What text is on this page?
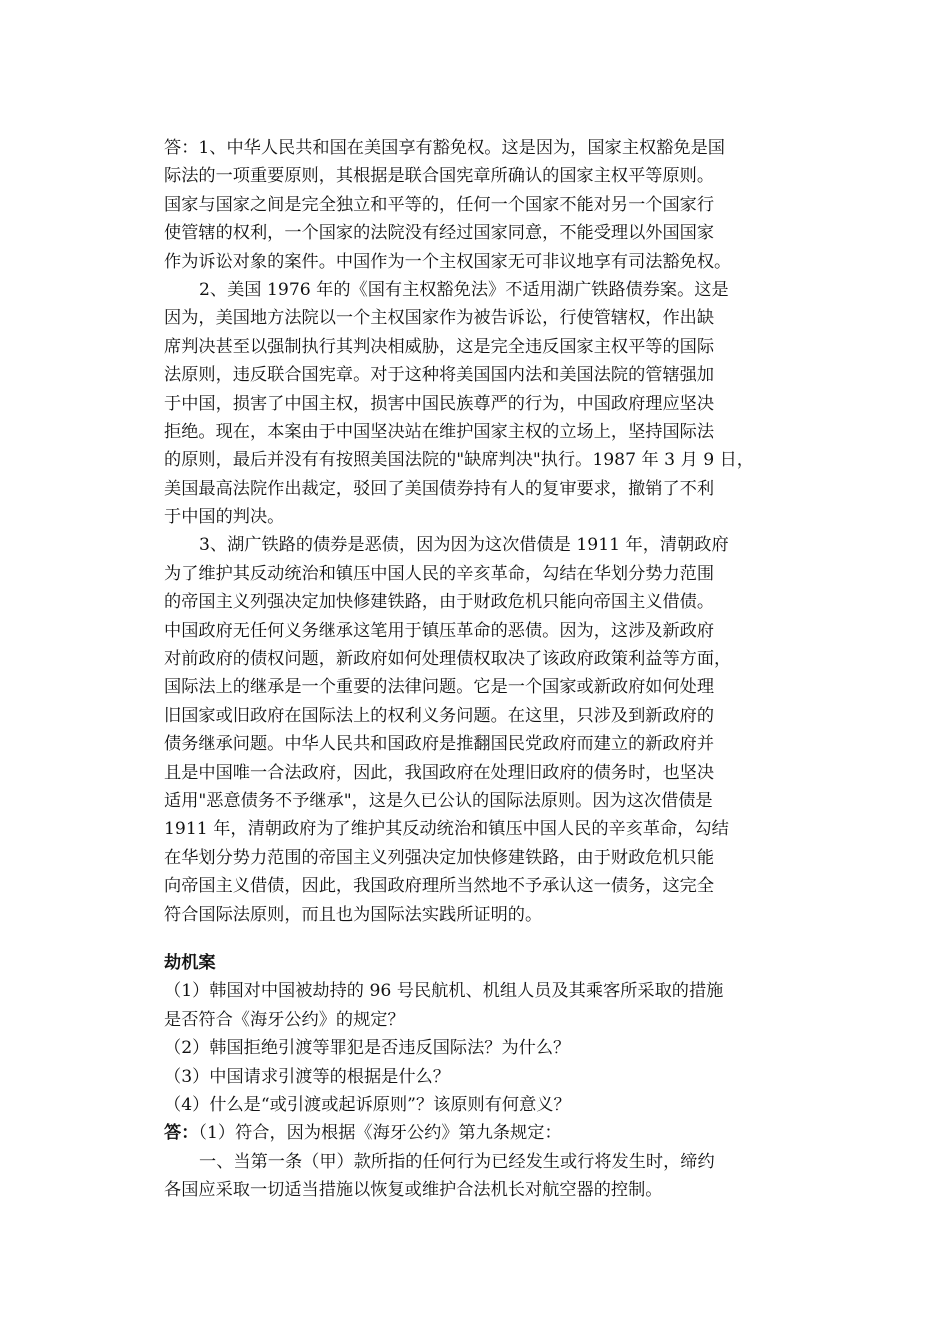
答：1、中华人民共和国在美国享有豁免权。这是因为，国家主权豁免是国
际法的一项重要原则，其根据是联合国宪章所确认的国家主权平等原则。
国家与国家之间是完全独立和平等的，任何一个国家不能对另一个国家行
使管辖的权利，一个国家的法院没有经过国家同意，不能受理以外国国家
作为诉讼对象的案件。中国作为一个主权国家无可非议地享有司法豁免权。
2、美国 1976 年的《国有主权豁免法》不适用湖广铁路债券案。这是
因为，美国地方法院以一个主权国家作为被告诉讼，行使管辖权，作出缺
席判决甚至以强制执行其判决相威胁，这是完全违反国家主权平等的国际
法原则，违反联合国宪章。对于这种将美国国内法和美国法院的管辖强加
于中国，损害了中国主权，损害中国民族尊严的行为，中国政府理应坚决
拒绝。现在，本案由于中国坚决站在维护国家主权的立场上，坚持国际法
的原则，最后并没有有按照美国法院的"缺席判决"执行。1987 年 3 月 9 日，
美国最高法院作出裁定，驳回了美国债券持有人的复审要求，撤销了不利
于中国的判决。
3、湖广铁路的债券是恶债，因为因为这次借债是 1911 年，清朝政府
为了维护其反动统治和镇压中国人民的辛亥革命，勾结在华划分势力范围
的帝国主义列强决定加快修建铁路，由于财政危机只能向帝国主义借债。
中国政府无任何义务继承这笔用于镇压革命的恶债。因为，这涉及新政府
对前政府的债权问题，新政府如何处理债权取决了该政府政策利益等方面，
国际法上的继承是一个重要的法律问题。它是一个国家或新政府如何处理
旧国家或旧政府在国际法上的权利义务问题。在这里，只涉及到新政府的
债务继承问题。中华人民共和国政府是推翻国民党政府而建立的新政府并
且是中国唯一合法政府，因此，我国政府在处理旧政府的债务时，也坚决
适用"恶意债务不予继承"，这是久已公认的国际法原则。因为这次借债是
1911 年，清朝政府为了维护其反动统治和镇压中国人民的辛亥革命，勾结
在华划分势力范围的帝国主义列强决定加快修建铁路，由于财政危机只能
向帝国主义借债，因此，我国政府理所当然地不予承认这一债务，这完全
符合国际法原则，而且也为国际法实践所证明的。
劫机案
（1）韩国对中国被劫持的 96 号民航机、机组人员及其乘客所采取的措施
是否符合《海牙公约》的规定？
（2）韩国拒绝引渡等罪犯是否违反国际法？为什么？
（3）中国请求引渡等的根据是什么？
（4）什么是“或引渡或起诉原则”？该原则有何意义？
答：（1）符合，因为根据《海牙公约》第九条规定：
一、当第一条（甲）款所指的任何行为已经发生或行将发生时，缔约
各国应采取一切适当措施以恢复或维护合法机长对航空器的控制。
